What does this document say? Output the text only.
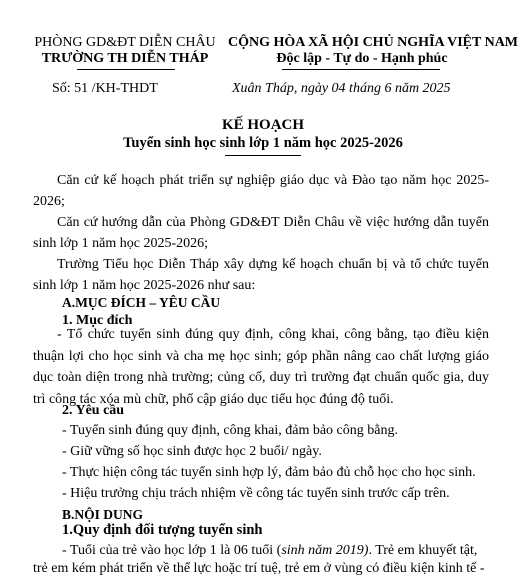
PHÒNG GD&ĐT DIỄN CHÂU
TRƯỜNG TH DIỄN THÁP
CỘNG HÒA XÃ HỘI CHỦ NGHĨA VIỆT NAM
Độc lập - Tự do - Hạnh phúc
Số: 51 /KH-THDT	Xuân Tháp, ngày 04 tháng 6 năm 2025
KẾ HOẠCH
Tuyển sinh học sinh lớp 1 năm học 2025-2026
Căn cứ kế hoạch phát triển sự nghiệp giáo dục và Đào tạo năm học 2025-2026;
Căn cứ hướng dẫn của Phòng GD&ĐT Diễn Châu về việc hướng dẫn tuyển sinh lớp 1 năm học 2025-2026;
Trường Tiểu học Diễn Tháp xây dựng kế hoạch chuẩn bị và tổ chức tuyển sinh lớp 1 năm học 2025-2026 như sau:
A.MỤC ĐÍCH – YÊU CẦU
1. Mục đích
- Tổ chức tuyển sinh đúng quy định, công khai, công bằng, tạo điều kiện thuận lợi cho học sinh và cha mẹ học sinh; góp phần nâng cao chất lượng giáo dục toàn diện trong nhà trường; củng cố, duy trì trường đạt chuẩn quốc gia, duy trì công tác xóa mù chữ, phổ cập giáo dục tiểu học đúng độ tuổi.
2. Yêu cầu
- Tuyển sinh đúng quy định, công khai, đảm bảo công bằng.
- Giữ vững số học sinh được học 2 buổi/ ngày.
- Thực hiện công tác tuyển sinh hợp lý, đảm bảo đủ chỗ học cho học sinh.
- Hiệu trưởng chịu trách nhiệm về công tác tuyển sinh trước cấp trên.
B.NỘI DUNG
1.Quy định đối tượng tuyển sinh
- Tuổi của trẻ vào học lớp 1 là 06 tuổi (sinh năm 2019). Trẻ em khuyết tật,
trẻ em kém phát triển về thể lực hoặc trí tuệ, trẻ em ở vùng có điều kiện kinh tế -
